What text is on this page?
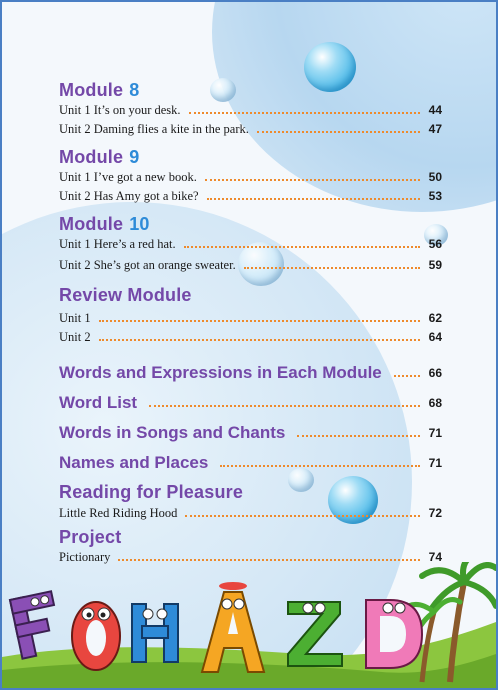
Module 8
Unit 1 It’s on your desk.	44
Unit 2 Daming flies a kite in the park.	47
Module 9
Unit 1 I’ve got a new book.	50
Unit 2 Has Amy got a bike?	53
Module 10
Unit 1 Here’s a red hat.	56
Unit 2 She’s got an orange sweater.	59
Review Module
Unit 1	62
Unit 2	64
Words and Expressions in Each Module	66
Word List	68
Words in Songs and Chants	71
Names and Places	71
Reading for Pleasure
Little Red Riding Hood	72
Project
Pictionary	74
